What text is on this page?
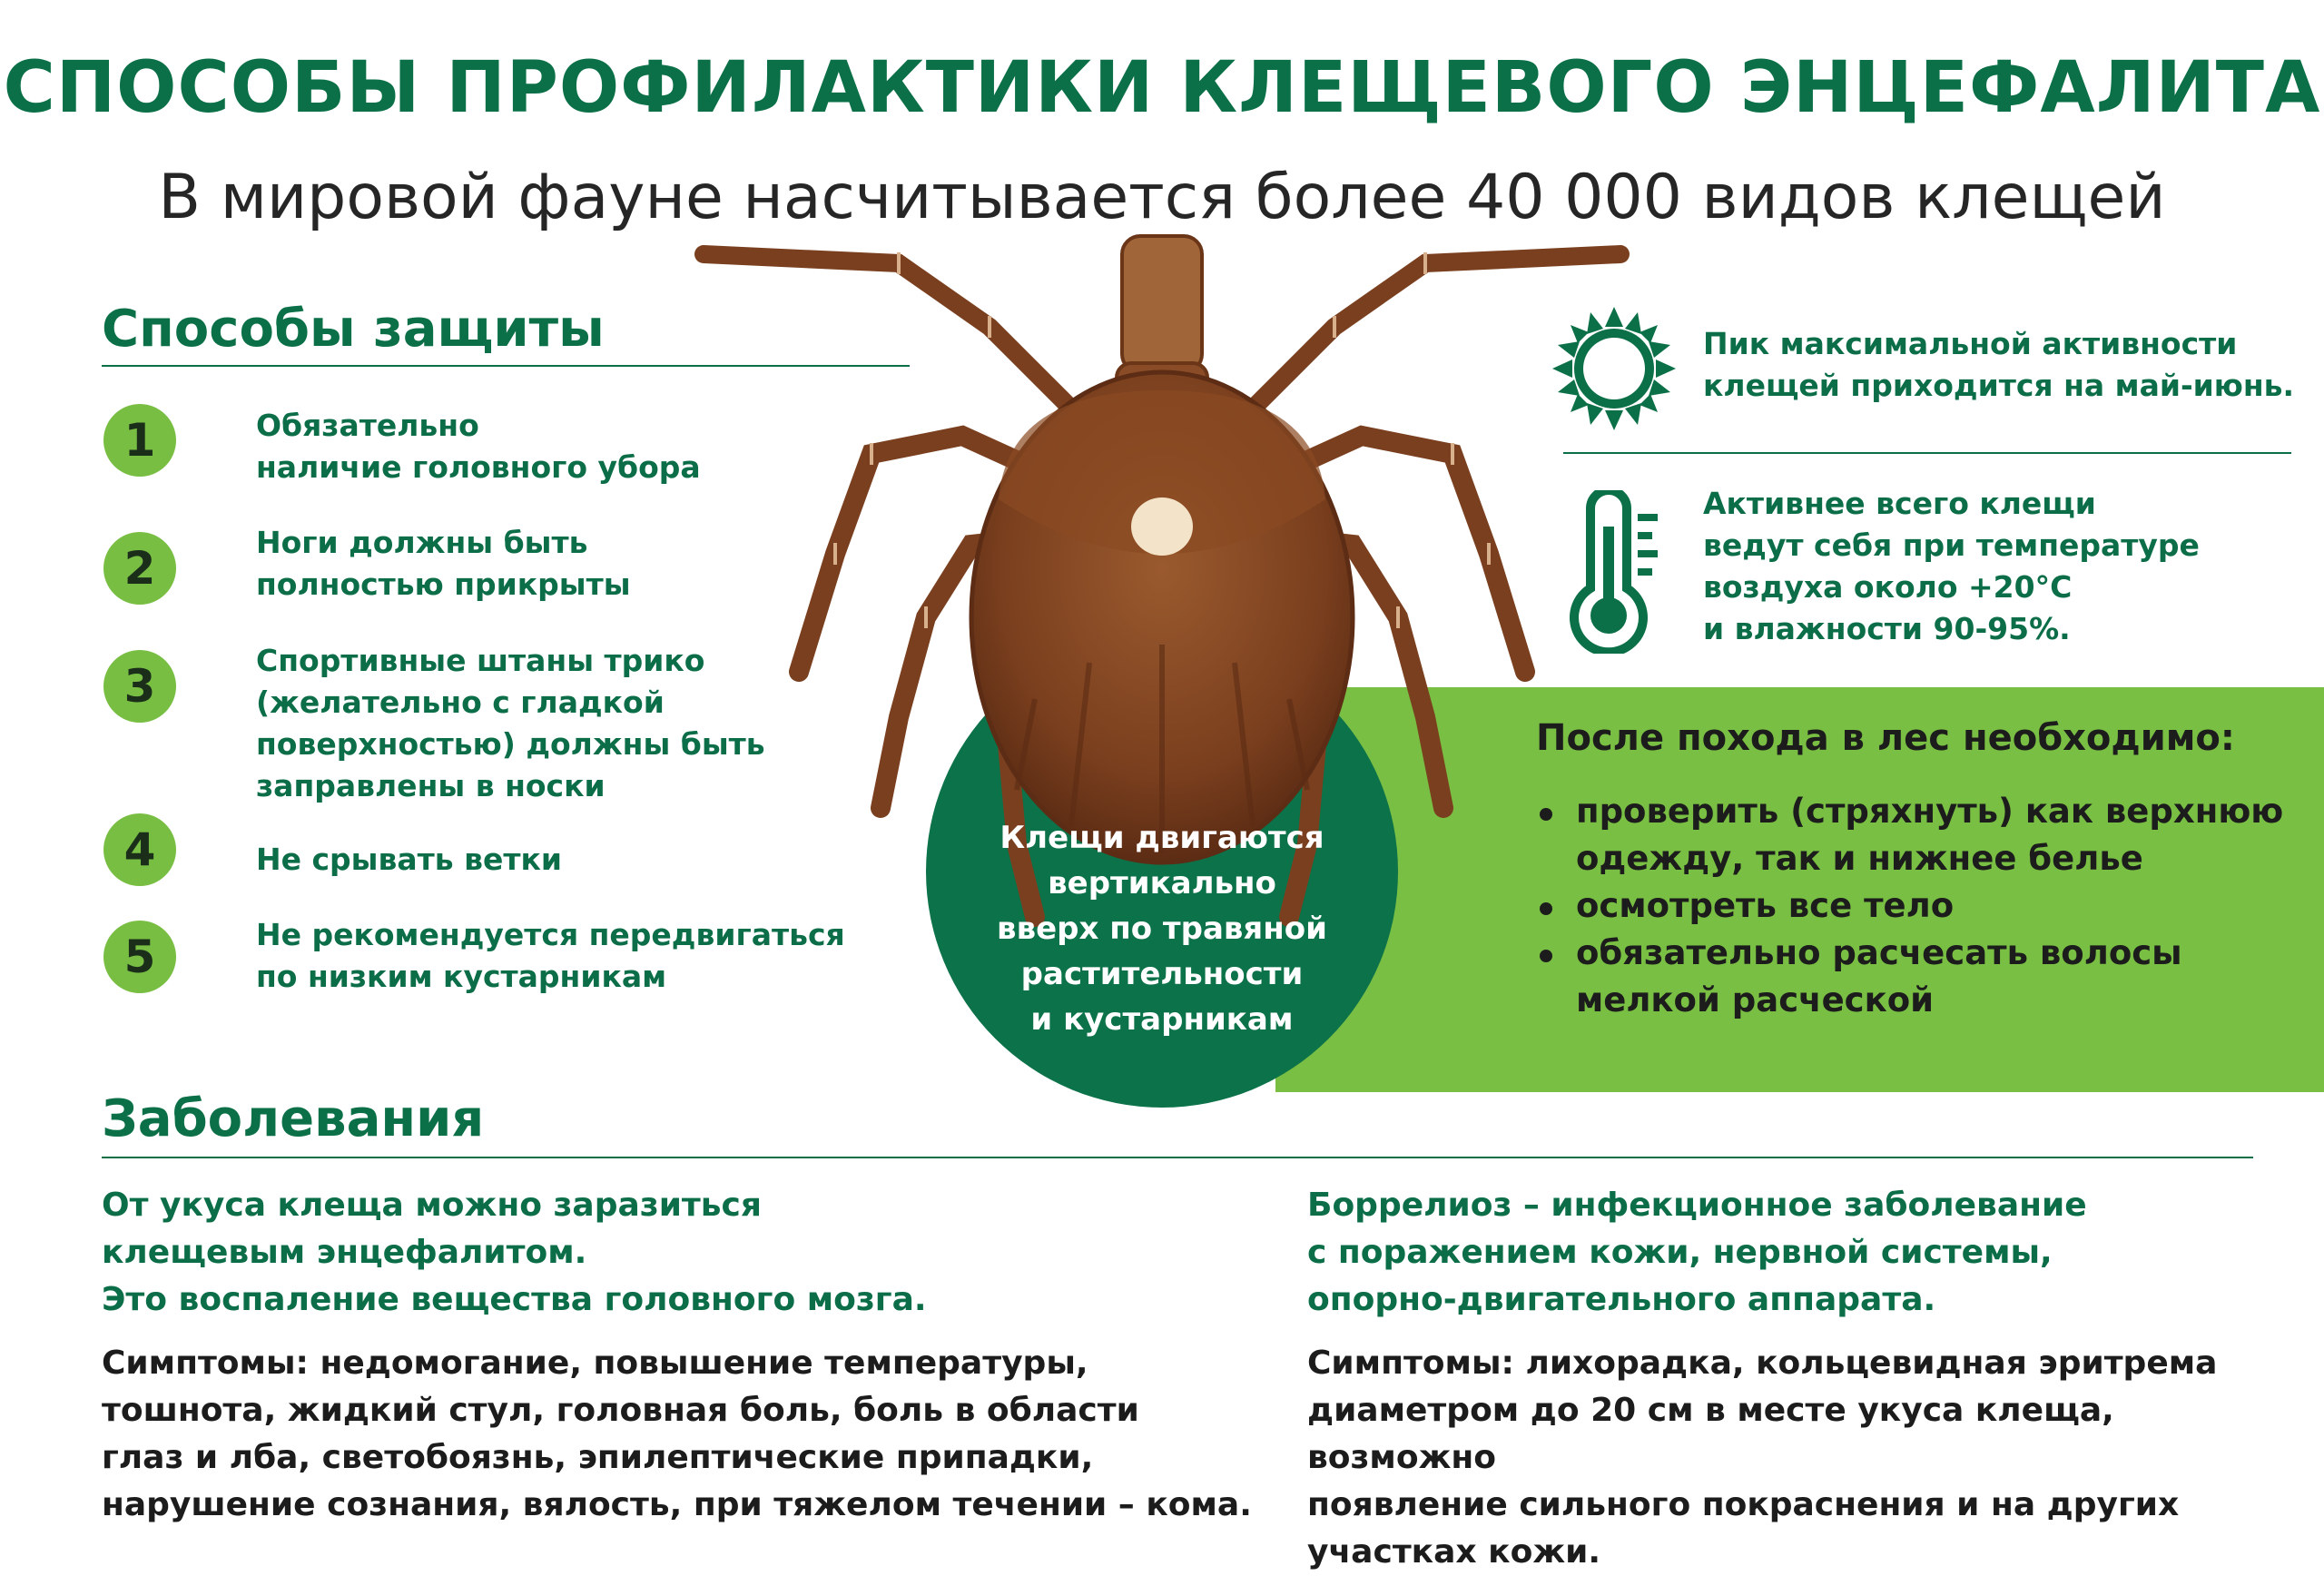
СПОСОБЫ ПРОФИЛАКТИКИ КЛЕЩЕВОГО ЭНЦЕФАЛИТА
В мировой фауне насчитывается более 40 000 видов клещей
Способы защиты
1	Обязательно
наличие головного убора
2	Ноги должны быть
полностью прикрыты
3	Спортивные штаны трико
(желательно с гладкой
поверхностью) должны быть
заправлены в носки
4	Не срывать ветки
5	Не рекомендуется передвигаться
по низким кустарникам
Пик максимальной активности
клещей приходится на май-июнь.
Активнее всего клещи
ведут себя при температуре
воздуха около +20°С
и влажности 90-95%.
Клещи двигаются
вертикально
вверх по травяной
растительности
и кустарникам
После похода в лес необходимо:
проверить (стряхнуть) как верхнюю
одежду, так и нижнее белье
осмотреть все тело
обязательно расчесать волосы
мелкой расческой
Заболевания
От укуса клеща можно заразиться
клещевым энцефалитом.
Это воспаление вещества головного мозга.
Симптомы: недомогание, повышение температуры,
тошнота, жидкий стул, головная боль, боль в области
глаз и лба, светобоязнь, эпилептические припадки,
нарушение сознания, вялость, при тяжелом течении – кома.
Боррелиоз – инфекционное заболевание
с поражением кожи, нервной системы,
опорно-двигательного аппарата.
Симптомы: лихорадка, кольцевидная эритрема
диаметром до 20 см в месте укуса клеща, возможно
появление сильного покраснения и на других
участках кожи.
